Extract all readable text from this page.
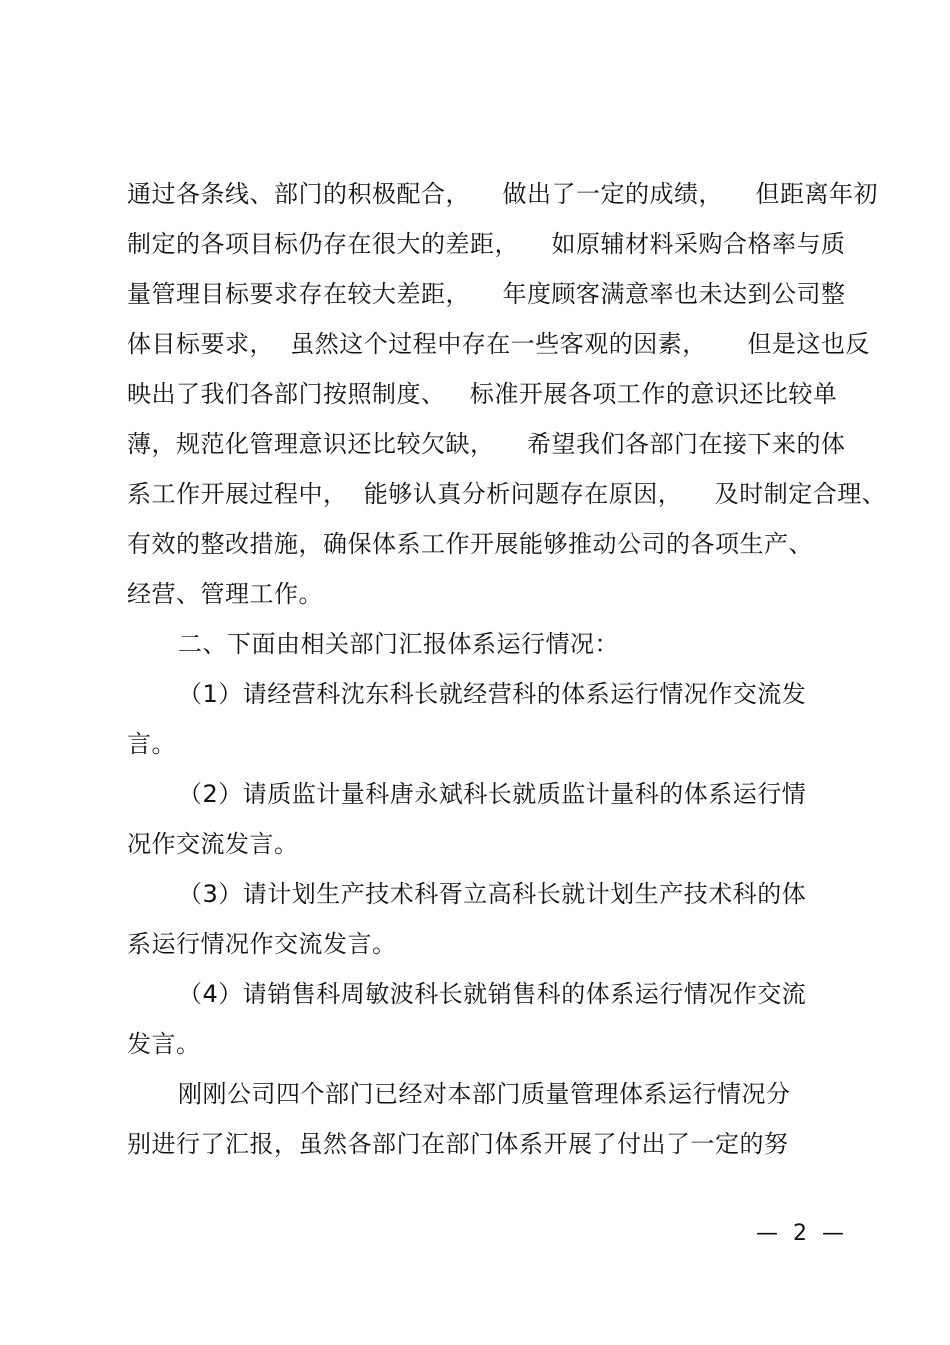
通过各条线、部门的积极配合，    做出了一定的成绩，    但距离年初
制定的各项目标仍存在很大的差距，    如原辅材料采购合格率与质
量管理目标要求存在较大差距，    年度顾客满意率也未达到公司整
体目标要求，  虽然这个过程中存在一些客观的因素，     但是这也反
映出了我们各部门按照制度、   标准开展各项工作的意识还比较单
薄，规范化管理意识还比较欠缺，    希望我们各部门在接下来的体
系工作开展过程中，  能够认真分析问题存在原因，    及时制定合理、
有效的整改措施，确保体系工作开展能够推动公司的各项生产、
经营、管理工作。
二、下面由相关部门汇报体系运行情况：
（1）请经营科沈东科长就经营科的体系运行情况作交流发
言。
（2）请质监计量科唐永斌科长就质监计量科的体系运行情
况作交流发言。
（3）请计划生产技术科胥立高科长就计划生产技术科的体
系运行情况作交流发言。
（4）请销售科周敏波科长就销售科的体系运行情况作交流
发言。
刚刚公司四个部门已经对本部门质量管理体系运行情况分
别进行了汇报，虽然各部门在部门体系开展了付出了一定的努
— 2 —
